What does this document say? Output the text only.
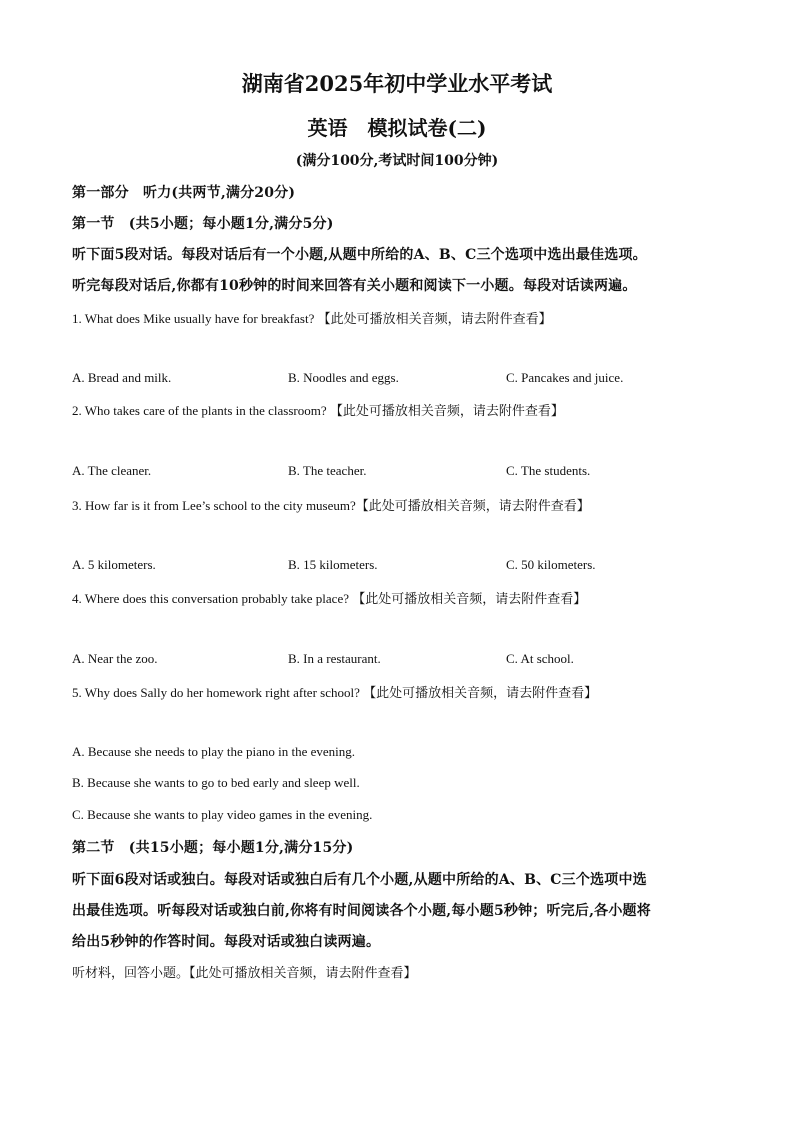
湖南省2025年初中学业水平考试
英语　模拟试卷(二)
(满分100分,考试时间100分钟)
第一部分　听力(共两节,满分20分)
第一节　(共5小题；每小题1分,满分5分)
听下面5段对话。每段对话后有一个小题,从题中所给的A、B、C三个选项中选出最佳选项。
听完每段对话后,你都有10秒钟的时间来回答有关小题和阅读下一小题。每段对话读两遍。
1. What does Mike usually have for breakfast? 【此处可播放相关音频，请去附件查看】
A. Bread and milk.	B. Noodles and eggs.	C. Pancakes and juice.
2. Who takes care of the plants in the classroom? 【此处可播放相关音频，请去附件查看】
A. The cleaner.	B. The teacher.	C. The students.
3. How far is it from Lee’s school to the city museum?【此处可播放相关音频，请去附件查看】
A. 5 kilometers.	B. 15 kilometers.	C. 50 kilometers.
4. Where does this conversation probably take place? 【此处可播放相关音频，请去附件查看】
A. Near the zoo.	B. In a restaurant.	C. At school.
5. Why does Sally do her homework right after school? 【此处可播放相关音频，请去附件查看】
A. Because she needs to play the piano in the evening.
B. Because she wants to go to bed early and sleep well.
C. Because she wants to play video games in the evening.
第二节　(共15小题；每小题1分,满分15分)
听下面6段对话或独白。每段对话或独白后有几个小题,从题中所给的A、B、C三个选项中选
出最佳选项。听每段对话或独白前,你将有时间阅读各个小题,每小题5秒钟；听完后,各小题将
给出5秒钟的作答时间。每段对话或独白读两遍。
听材料，回答小题。【此处可播放相关音频，请去附件查看】
